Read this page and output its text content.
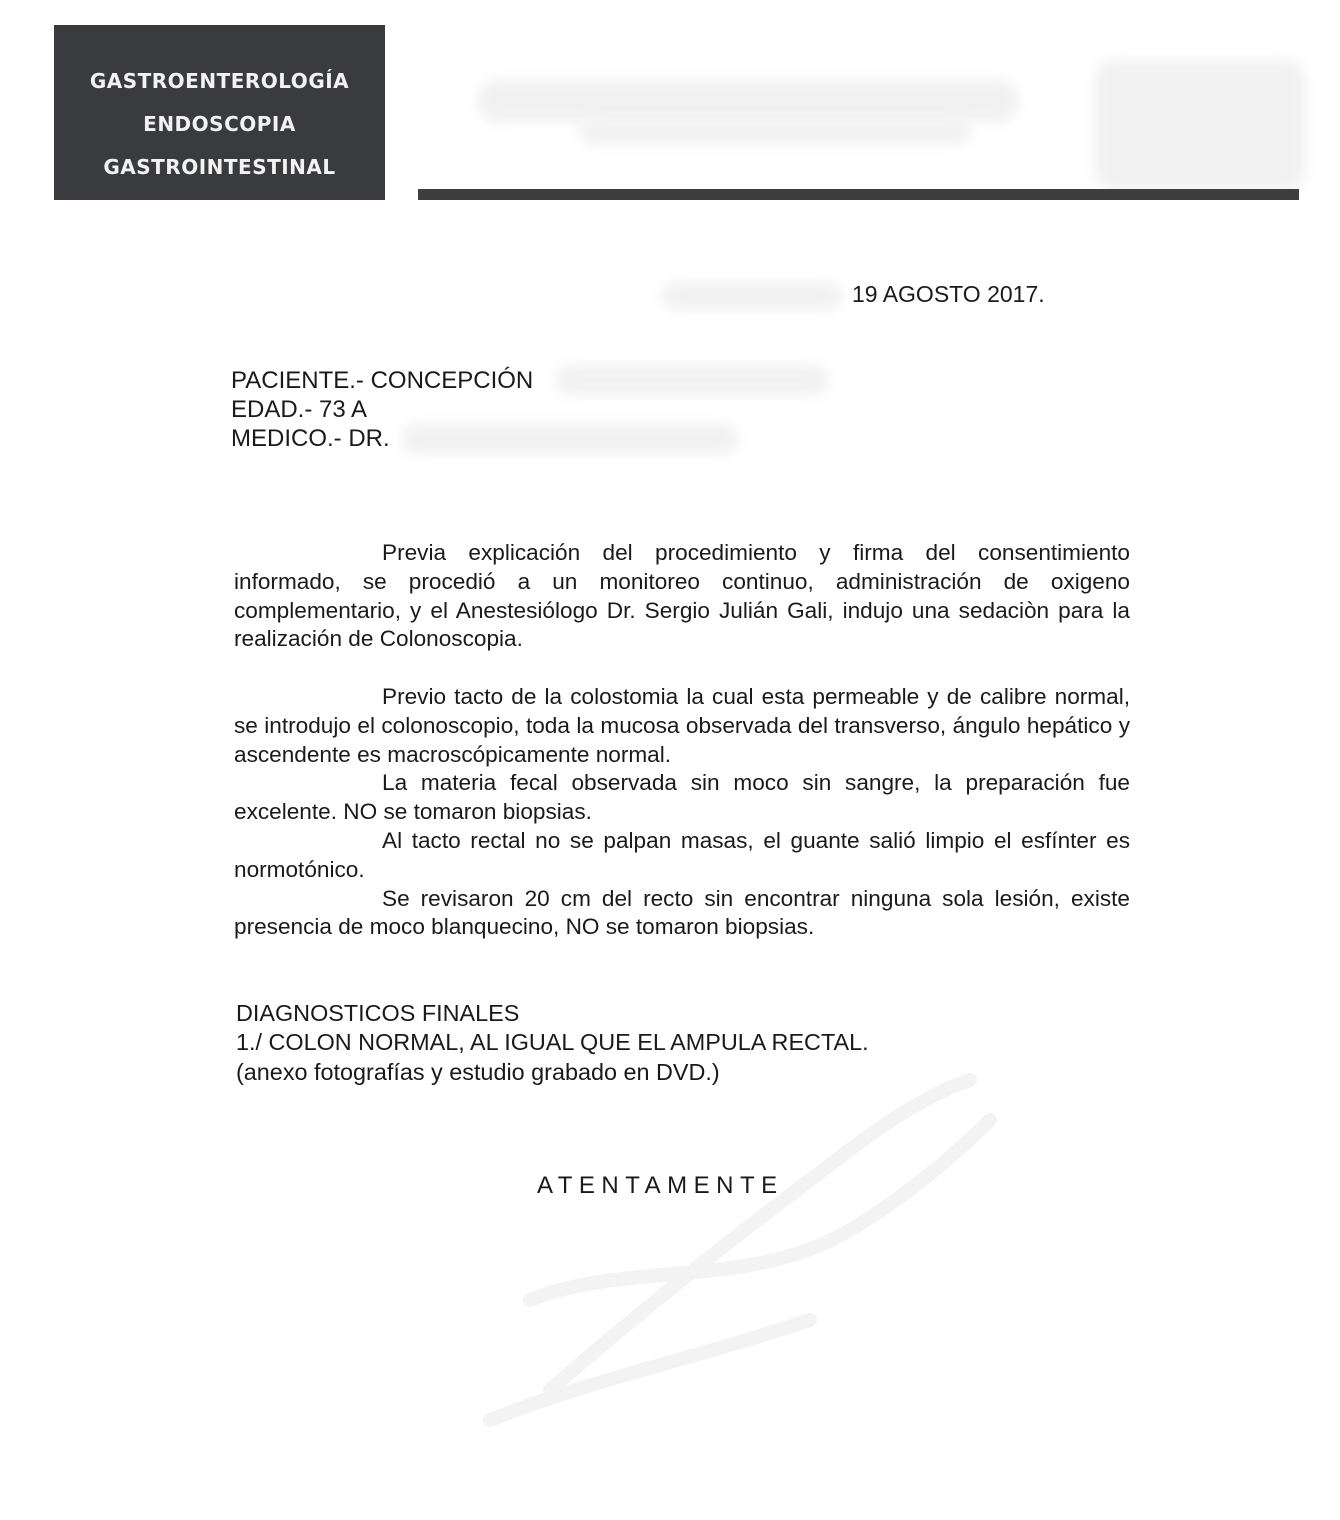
GASTROENTEROLOGÍA
ENDOSCOPIA
GASTROINTESTINAL
19 AGOSTO 2017.
PACIENTE.- CONCEPCIÓN
EDAD.- 73 A
MEDICO.- DR.

Previa explicación del procedimiento y firma del consentimiento informado, se procedió a un monitoreo continuo, administración de oxigeno complementario, y el Anestesiólogo Dr. Sergio Julián Gali, indujo una sedaciòn para la realización de Colonoscopia.

Previo tacto de la colostomia la cual esta permeable y de calibre normal, se introdujo el colonoscopio, toda la mucosa observada del transverso, ángulo hepático y ascendente es macroscópicamente normal.

La materia fecal observada sin moco sin sangre, la preparación fue excelente. NO se tomaron biopsias.

Al tacto rectal no se palpan masas, el guante salió limpio el esfínter es normotónico.

Se revisaron 20 cm del recto sin encontrar ninguna sola lesión, existe presencia de moco blanquecino, NO se tomaron biopsias.

DIAGNOSTICOS FINALES
1./ COLON NORMAL, AL IGUAL QUE EL AMPULA RECTAL.
(anexo fotografías y estudio grabado en DVD.)
ATENTAMENTE
